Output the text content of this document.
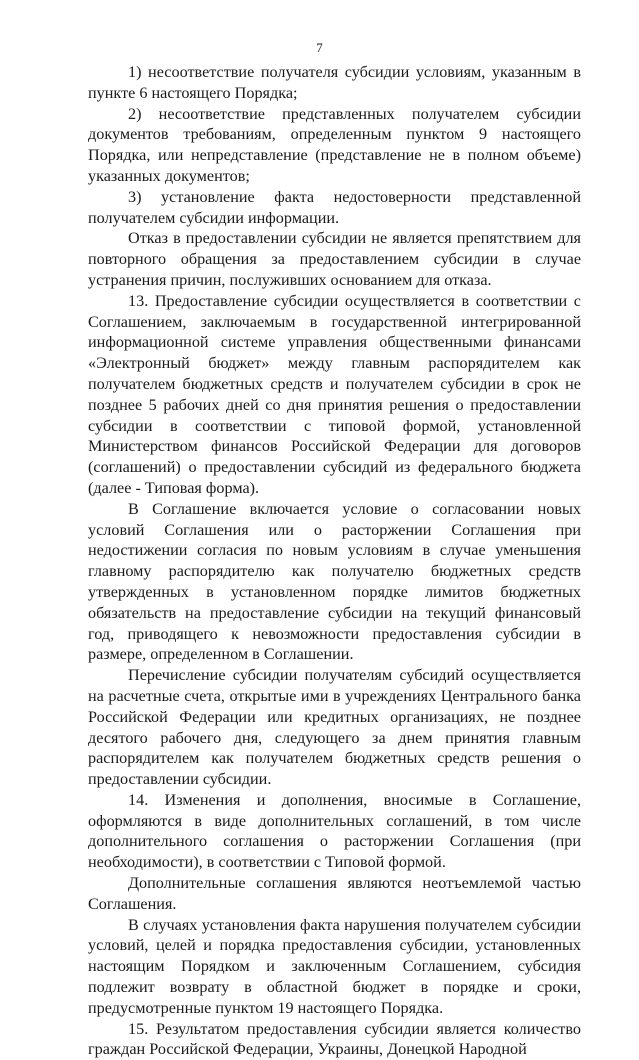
7

1) несоответствие получателя субсидии условиям, указанным в пункте 6 настоящего Порядка;

2) несоответствие представленных получателем субсидии документов требованиям, определенным пунктом 9 настоящего Порядка, или непредставление (представление не в полном объеме) указанных документов;

3) установление факта недостоверности представленной получателем субсидии информации.

Отказ в предоставлении субсидии не является препятствием для повторного обращения за предоставлением субсидии в случае устранения причин, послуживших основанием для отказа.

13. Предоставление субсидии осуществляется в соответствии с Соглашением, заключаемым в государственной интегрированной информационной системе управления общественными финансами «Электронный бюджет» между главным распорядителем как получателем бюджетных средств и получателем субсидии в срок не позднее 5 рабочих дней со дня принятия решения о предоставлении субсидии в соответствии с типовой формой, установленной Министерством финансов Российской Федерации для договоров (соглашений) о предоставлении субсидий из федерального бюджета (далее - Типовая форма).

В Соглашение включается условие о согласовании новых условий Соглашения или о расторжении Соглашения при недостижении согласия по новым условиям в случае уменьшения главному распорядителю как получателю бюджетных средств утвержденных в установленном порядке лимитов бюджетных обязательств на предоставление субсидии на текущий финансовый год, приводящего к невозможности предоставления субсидии в размере, определенном в Соглашении.

Перечисление субсидии получателям субсидий осуществляется на расчетные счета, открытые ими в учреждениях Центрального банка Российской Федерации или кредитных организациях, не позднее десятого рабочего дня, следующего за днем принятия главным распорядителем как получателем бюджетных средств решения о предоставлении субсидии.

14. Изменения и дополнения, вносимые в Соглашение, оформляются в виде дополнительных соглашений, в том числе дополнительного соглашения о расторжении Соглашения (при необходимости), в соответствии с Типовой формой.

Дополнительные соглашения являются неотъемлемой частью Соглашения.

В случаях установления факта нарушения получателем субсидии условий, целей и порядка предоставления субсидии, установленных настоящим Порядком и заключенным Соглашением, субсидия подлежит возврату в областной бюджет в порядке и сроки, предусмотренные пунктом 19 настоящего Порядка.

15. Результатом предоставления субсидии является количество граждан Российской Федерации, Украины, Донецкой Народной
